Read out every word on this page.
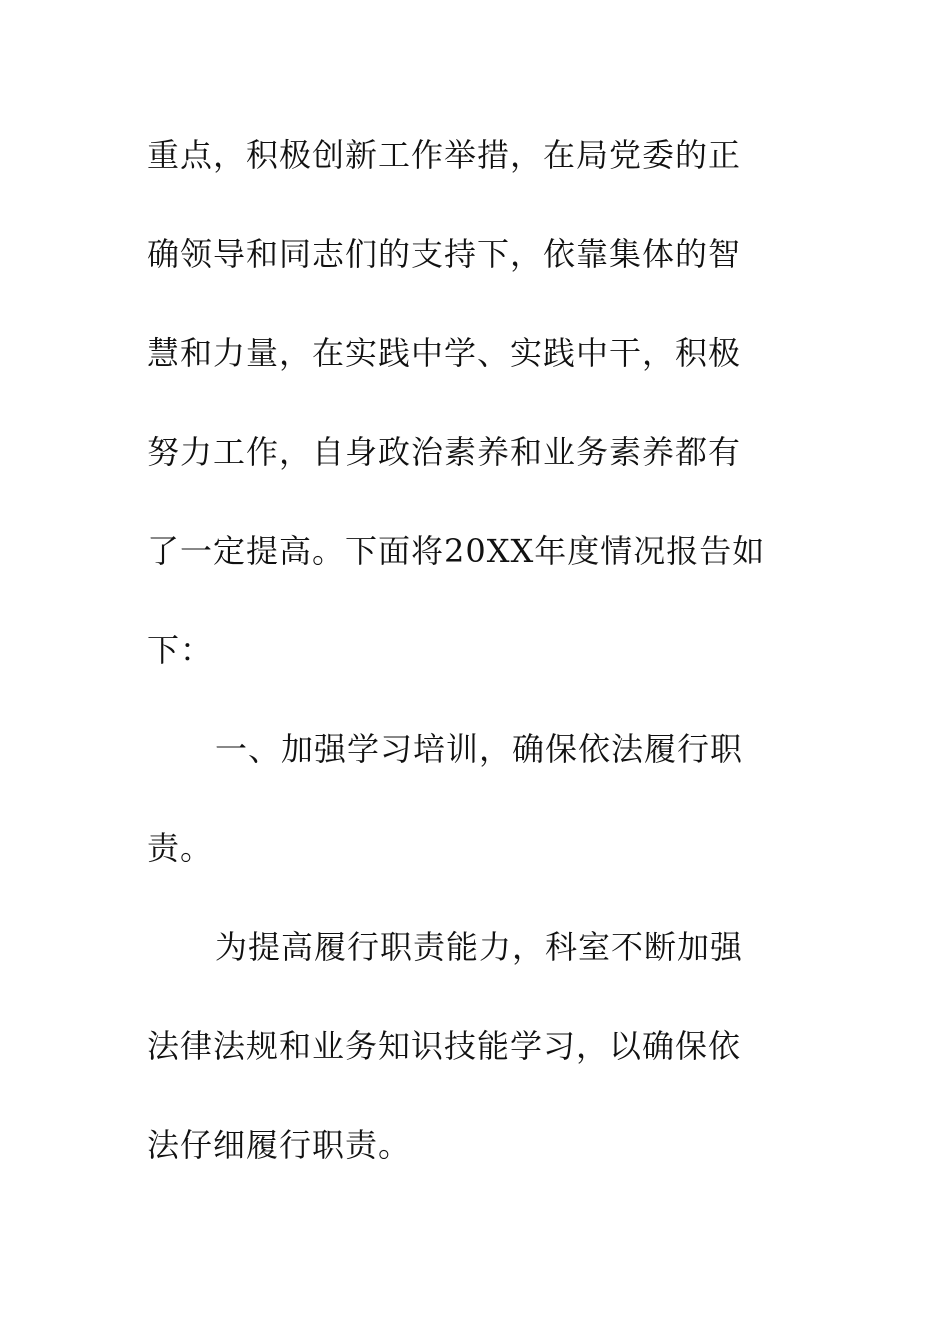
重点，积极创新工作举措，在局党委的正
确领导和同志们的支持下，依靠集体的智
慧和力量，在实践中学、实践中干，积极
努力工作，自身政治素养和业务素养都有
了一定提高。下面将20XX年度情况报告如
下：
一、加强学习培训，确保依法履行职
责。
为提高履行职责能力，科室不断加强
法律法规和业务知识技能学习，以确保依
法仔细履行职责。
